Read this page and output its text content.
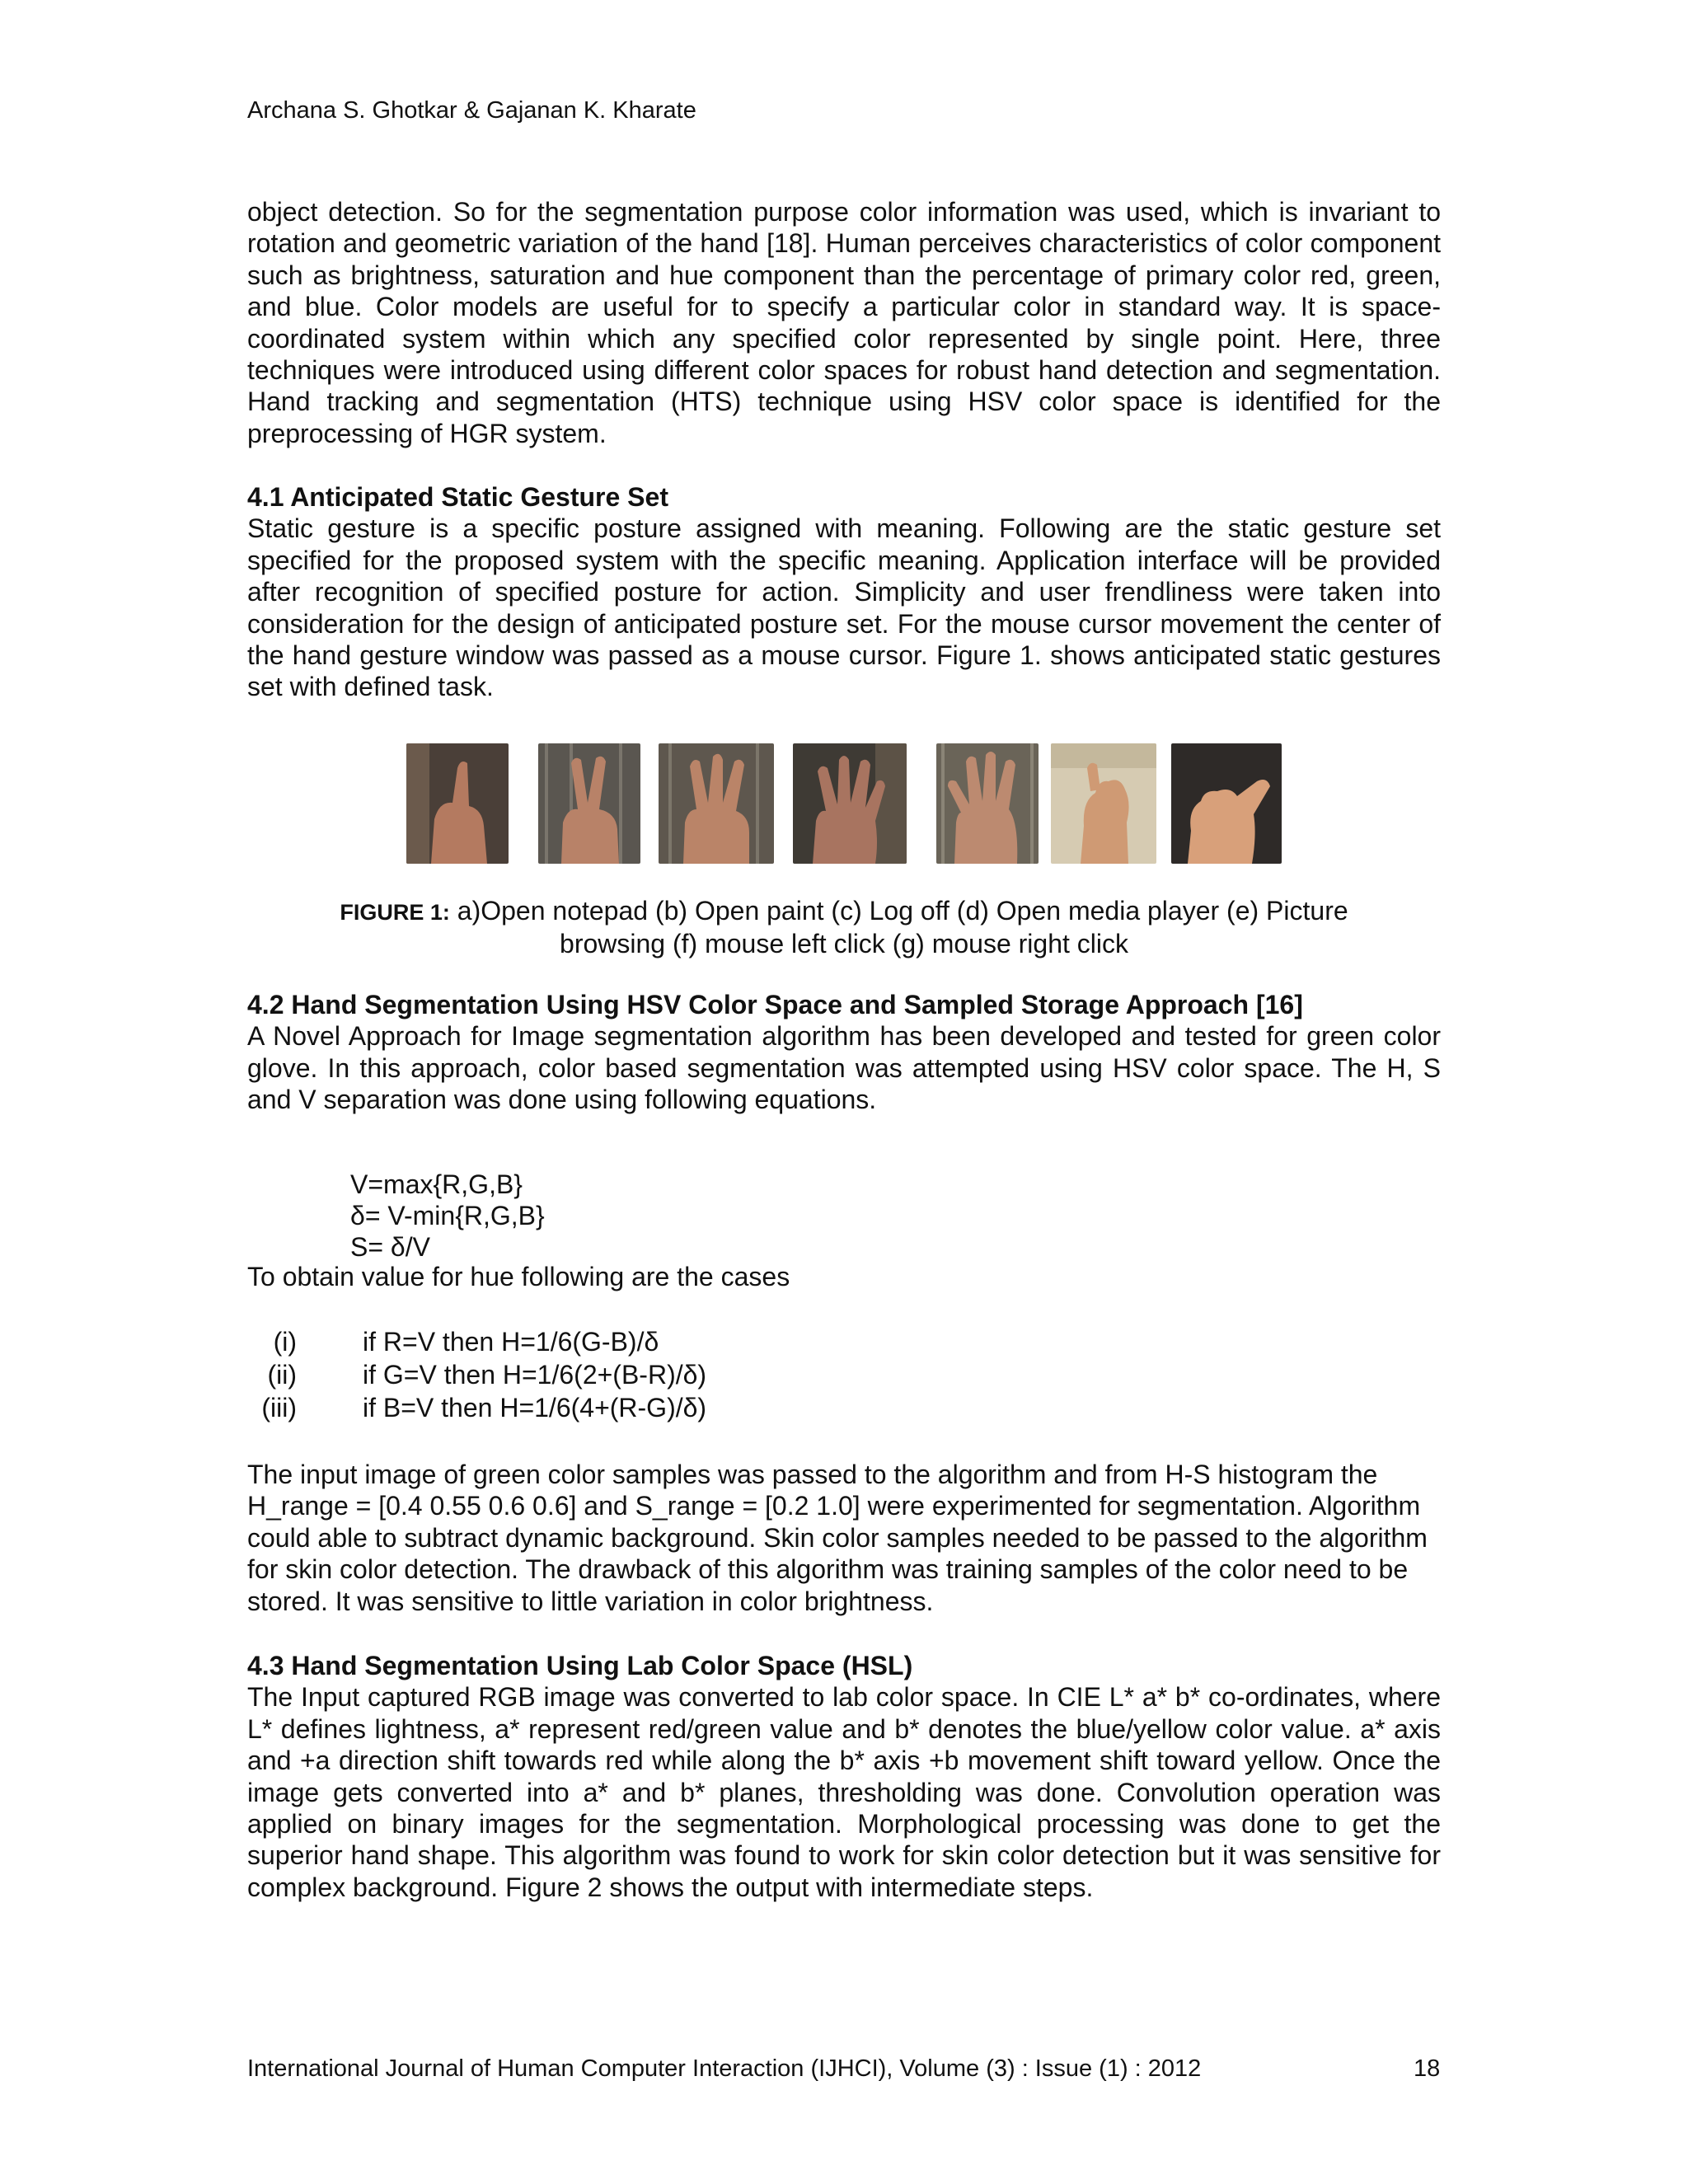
Archana S. Ghotkar & Gajanan K. Kharate
object detection. So for the segmentation purpose color information was used, which is invariant to rotation and geometric variation of the hand [18]. Human perceives characteristics of color component such as brightness, saturation and hue component than the percentage of primary color red, green, and blue. Color models are useful for to specify a particular color in standard way. It is space-coordinated system within which any specified color represented by single point. Here, three techniques were introduced using different color spaces for robust hand detection and segmentation. Hand tracking and segmentation (HTS) technique using HSV color space is identified for the preprocessing of HGR system.

4.1 Anticipated Static Gesture Set

Static gesture is a specific posture assigned with meaning. Following are the static gesture set specified for the proposed system with the specific meaning. Application interface will be provided after recognition of specified posture for action. Simplicity and user frendliness were taken into consideration for the design of anticipated posture set. For the mouse cursor movement the center of the hand gesture window was passed as a mouse cursor. Figure 1. shows anticipated static gestures set with defined task.

FIGURE 1: a)Open notepad (b) Open paint (c) Log off (d) Open media player (e) Picture
browsing (f) mouse left click (g) mouse right click

4.2 Hand Segmentation Using HSV Color Space and Sampled Storage Approach [16]

A Novel Approach for Image segmentation algorithm has been developed and tested for green color glove. In this approach, color based segmentation was attempted using HSV color space. The H, S and V separation was done using following equations.

V=max{R,G,B}
δ= V-min{R,G,B}
S= δ/V
To obtain value for hue following are the cases
(i)	if R=V then H=1/6(G-B)/δ
(ii)	if G=V then H=1/6(2+(B-R)/δ)
(iii)	if B=V then H=1/6(4+(R-G)/δ)
The input image of green color samples was passed to the algorithm and from H-S histogram the H_range = [0.4 0.55 0.6 0.6] and S_range = [0.2 1.0] were experimented for segmentation. Algorithm could able to subtract dynamic background. Skin color samples needed to be passed to the algorithm for skin color detection. The drawback of this algorithm was training samples of the color need to be stored. It was sensitive to little variation in color brightness.

4.3 Hand Segmentation Using Lab Color Space (HSL)

The Input captured RGB image was converted to lab color space. In CIE L* a* b* co-ordinates, where L* defines lightness, a* represent red/green value and b* denotes the blue/yellow color value. a* axis and +a direction shift towards red while along the b* axis +b movement shift toward yellow. Once the image gets converted into a* and b* planes, thresholding was done. Convolution operation was applied on binary images for the segmentation. Morphological processing was done to get the superior hand shape. This algorithm was found to work for skin color detection but it was sensitive for complex background. Figure 2 shows the output with intermediate steps.

International Journal of Human Computer Interaction (IJHCI), Volume (3) : Issue (1) : 2012	18
